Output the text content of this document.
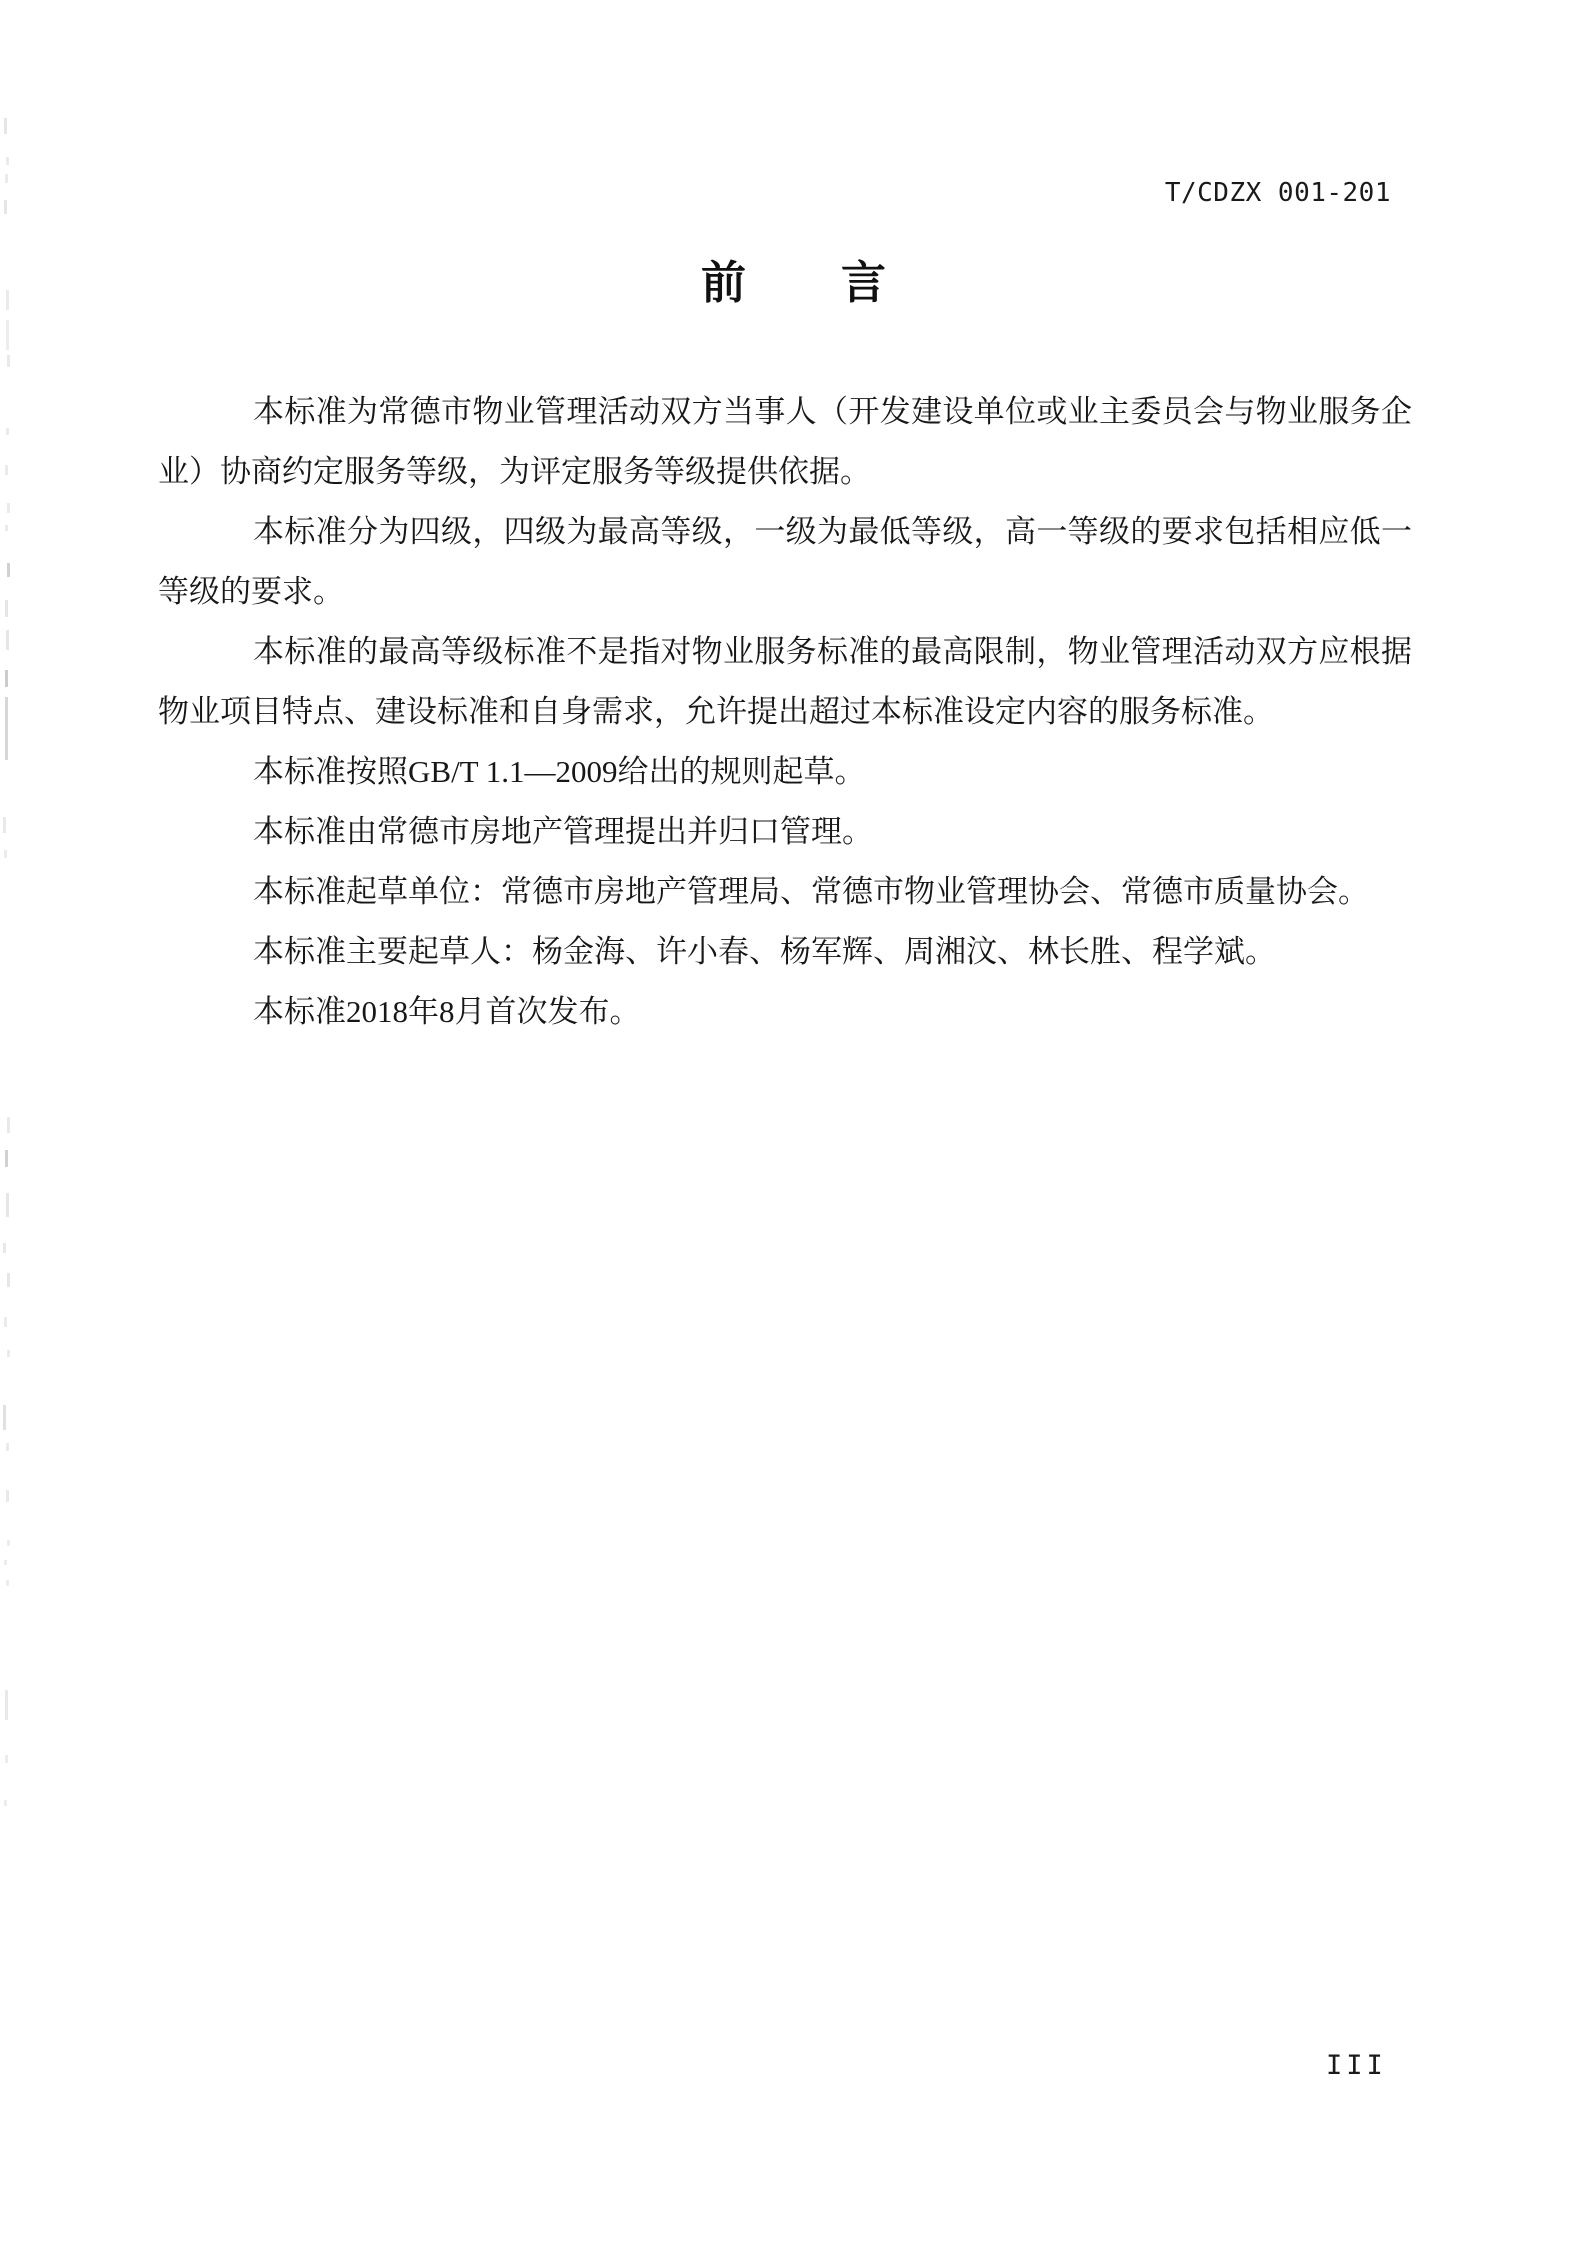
T/CDZX 001-201
前言

本标准为常德市物业管理活动双方当事人（开发建设单位或业主委员会与物业服务企业）协商约定服务等级，为评定服务等级提供依据。

本标准分为四级，四级为最高等级，一级为最低等级，高一等级的要求包括相应低一等级的要求。

本标准的最高等级标准不是指对物业服务标准的最高限制，物业管理活动双方应根据物业项目特点、建设标准和自身需求，允许提出超过本标准设定内容的服务标准。

本标准按照GB/T 1.1—2009给出的规则起草。

本标准由常德市房地产管理提出并归口管理。

本标准起草单位：常德市房地产管理局、常德市物业管理协会、常德市质量协会。

本标准主要起草人：杨金海、许小春、杨军辉、周湘汶、林长胜、程学斌。

本标准2018年8月首次发布。

III
